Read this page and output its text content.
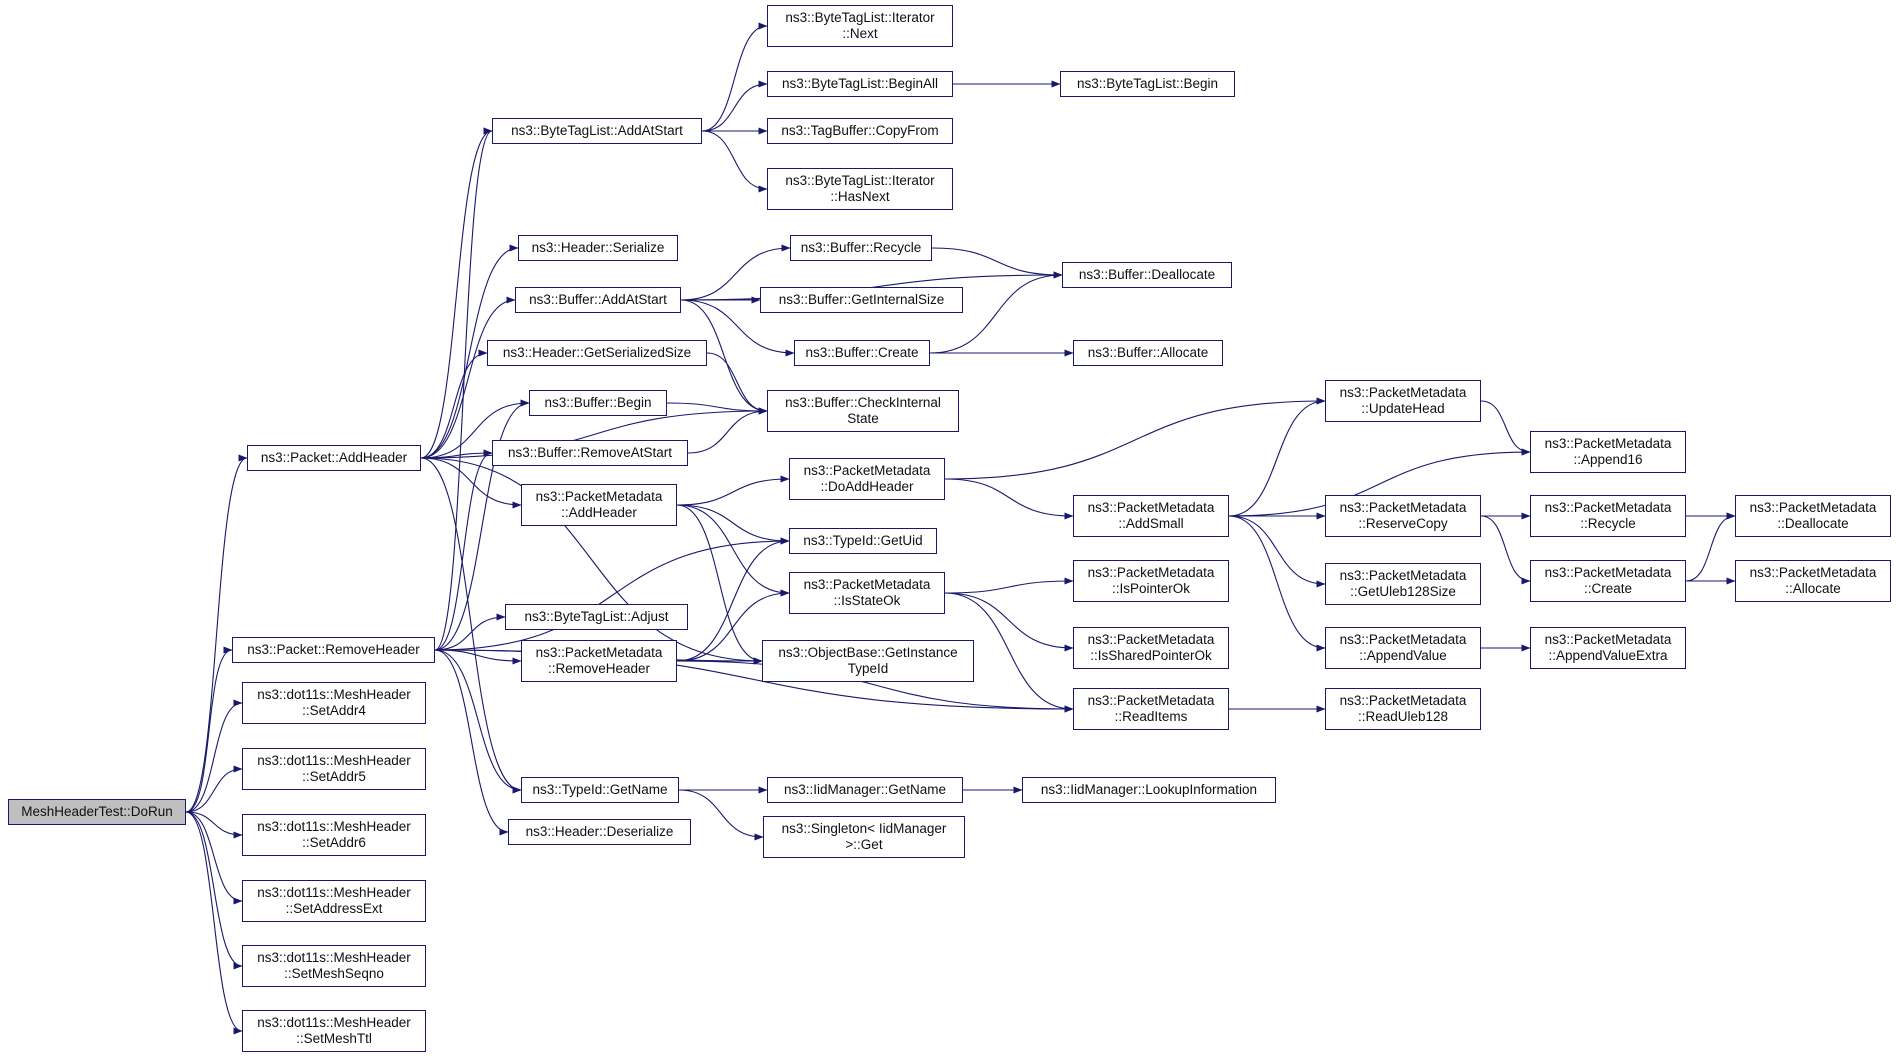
MeshHeaderTest::DoRun
ns3::Packet::AddHeader
ns3::Packet::RemoveHeader
ns3::dot11s::MeshHeader
::SetAddr4
ns3::dot11s::MeshHeader
::SetAddr5
ns3::dot11s::MeshHeader
::SetAddr6
ns3::dot11s::MeshHeader
::SetAddressExt
ns3::dot11s::MeshHeader
::SetMeshSeqno
ns3::dot11s::MeshHeader
::SetMeshTtl
ns3::ByteTagList::AddAtStart
ns3::Header::Serialize
ns3::Buffer::AddAtStart
ns3::Header::GetSerializedSize
ns3::Buffer::Begin
ns3::Buffer::RemoveAtStart
ns3::PacketMetadata
::AddHeader
ns3::ByteTagList::Adjust
ns3::PacketMetadata
::RemoveHeader
ns3::TypeId::GetName
ns3::Header::Deserialize
ns3::ByteTagList::Iterator
::Next
ns3::ByteTagList::BeginAll
ns3::TagBuffer::CopyFrom
ns3::ByteTagList::Iterator
::HasNext
ns3::Buffer::Recycle
ns3::Buffer::GetInternalSize
ns3::Buffer::Create
ns3::Buffer::CheckInternal
State
ns3::PacketMetadata
::DoAddHeader
ns3::TypeId::GetUid
ns3::PacketMetadata
::IsStateOk
ns3::ObjectBase::GetInstance
TypeId
ns3::IidManager::GetName
ns3::Singleton< IidManager
>::Get
ns3::ByteTagList::Begin
ns3::Buffer::Deallocate
ns3::Buffer::Allocate
ns3::PacketMetadata
::AddSmall
ns3::PacketMetadata
::IsPointerOk
ns3::PacketMetadata
::IsSharedPointerOk
ns3::PacketMetadata
::ReadItems
ns3::IidManager::LookupInformation
ns3::PacketMetadata
::UpdateHead
ns3::PacketMetadata
::ReserveCopy
ns3::PacketMetadata
::GetUleb128Size
ns3::PacketMetadata
::AppendValue
ns3::PacketMetadata
::ReadUleb128
ns3::PacketMetadata
::Append16
ns3::PacketMetadata
::Recycle
ns3::PacketMetadata
::Create
ns3::PacketMetadata
::AppendValueExtra
ns3::PacketMetadata
::Deallocate
ns3::PacketMetadata
::Allocate
